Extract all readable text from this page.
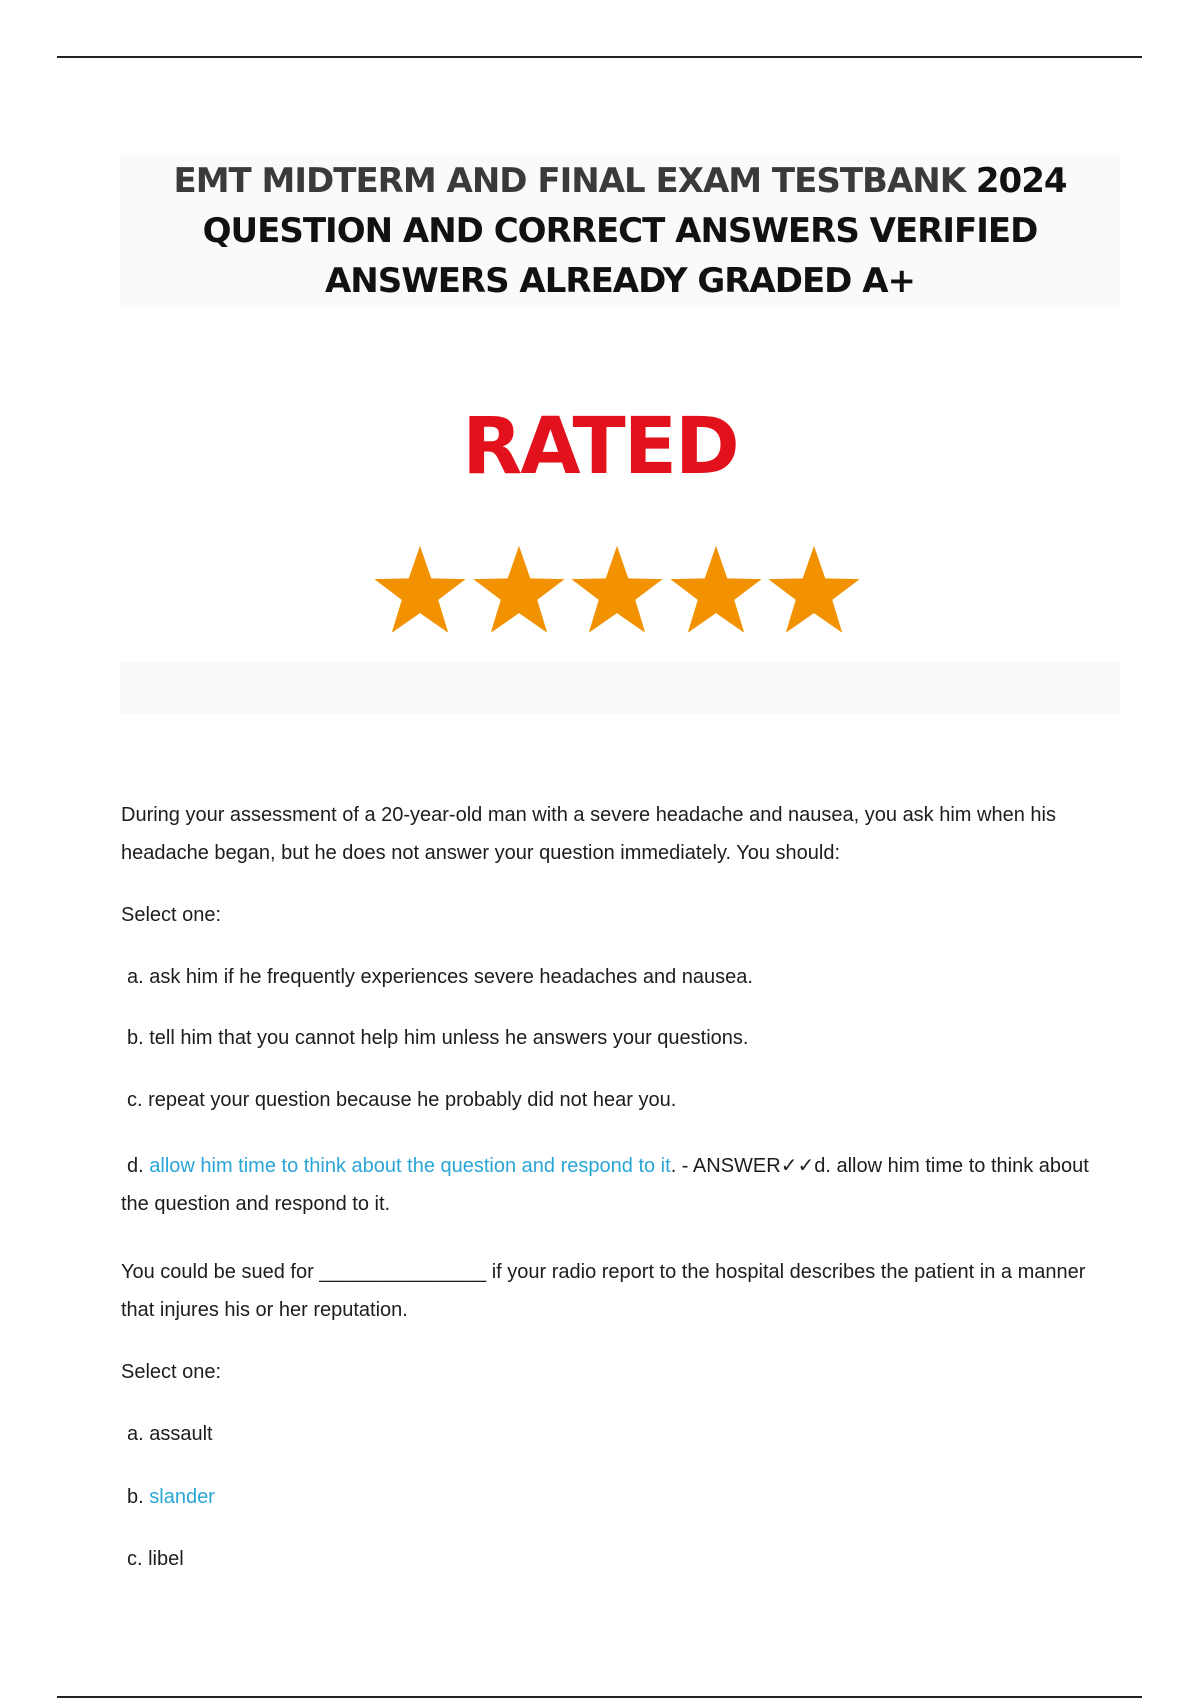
EMT MIDTERM AND FINAL EXAM TESTBANK 2024
QUESTION AND CORRECT ANSWERS VERIFIED
ANSWERS ALREADY GRADED A+
RATED

During your assessment of a 20-year-old man with a severe headache and nausea, you ask him when his headache began, but he does not answer your question immediately. You should:

Select one:

a. ask him if he frequently experiences severe headaches and nausea.

b. tell him that you cannot help him unless he answers your questions.

c. repeat your question because he probably did not hear you.

d. allow him time to think about the question and respond to it. - ANSWER✓✓d. allow him time to think about the question and respond to it.

You could be sued for _______________ if your radio report to the hospital describes the patient in a manner that injures his or her reputation.

Select one:

a. assault

b. slander

c. libel
